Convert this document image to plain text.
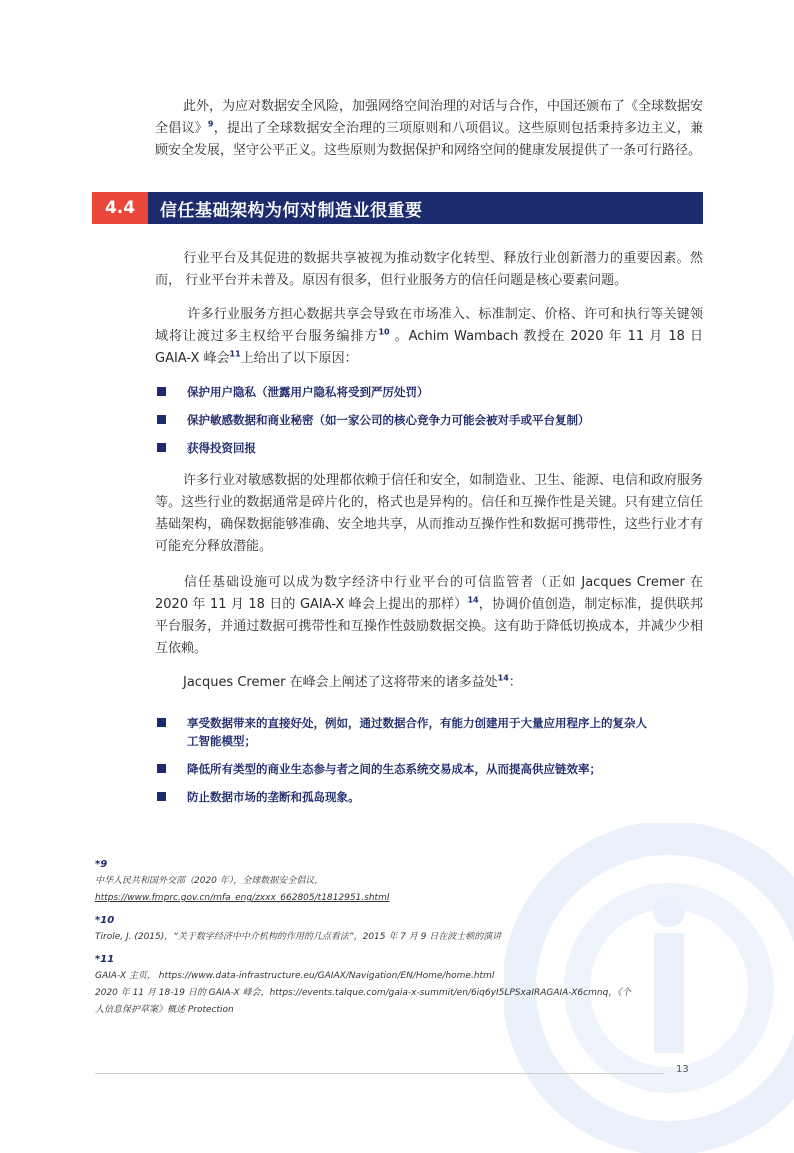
此外，为应对数据安全风险，加强网络空间治理的对话与合作，中国还颁布了《全球数据安全倡议》$^9$，提出了全球数据安全治理的三项原则和八项倡议。这些原则包括秉持多边主义，兼顾安全发展，坚守公平正义。这些原则为数据保护和网络空间的健康发展提供了一条可行路径。

4.4	信任基础架构为何对制造业很重要

行业平台及其促进的数据共享被视为推动数字化转型、释放行业创新潜力的重要因素。然而， 行业平台并未普及。原因有很多，但行业服务方的信任问题是核心要素问题。

许多行业服务方担心数据共享会导致在市场准入、标准制定、价格、许可和执行等关键领域将让渡过多主权给平台服务编排方$^{10}$ 。Achim Wambach 教授在 2020 年 11 月 18 日 GAIA-X 峰会$^{11}$上给出了以下原因：

保护用户隐私（泄露用户隐私将受到严厉处罚）
保护敏感数据和商业秘密（如一家公司的核心竞争力可能会被对手或平台复制）
获得投资回报

许多行业对敏感数据的处理都依赖于信任和安全，如制造业、卫生、能源、电信和政府服务等。这些行业的数据通常是碎片化的，格式也是异构的。信任和互操作性是关键。只有建立信任基础架构，确保数据能够准确、安全地共享，从而推动互操作性和数据可携带性，这些行业才有可能充分释放潜能。

信任基础设施可以成为数字经济中行业平台的可信监管者（正如 Jacques Cremer 在 2020 年 11 月 18 日的 GAIA-X 峰会上提出的那样）$^{14}$，协调价值创造，制定标准，提供联邦平台服务，并通过数据可携带性和互操作性鼓励数据交换。这有助于降低切换成本，并减少少相互依赖。

Jacques Cremer 在峰会上阐述了这将带来的诸多益处$^{14}$：

享受数据带来的直接好处，例如，通过数据合作，有能力创建用于大量应用程序上的复杂人工智能模型；
降低所有类型的商业生态参与者之间的生态系统交易成本，从而提高供应链效率；
防止数据市场的垄断和孤岛现象。

*9

中华人民共和国外交部（2020 年），全球数据安全倡议，

https://www.fmprc.gov.cn/mfa_eng/zxxx_662805/t1812951.shtml

*10

Tirole, J. (2015)，“关于数字经济中中介机构的作用的几点看法”，2015 年 7 月 9 日在波士顿的演讲

*11

GAIA-X 主页， https://www.data-infrastructure.eu/GAIAX/Navigation/EN/Home/home.html

2020 年 11 月 18-19 日的 GAIA-X 峰会，https://events.talque.com/gaia-x-summit/en/6iq6yI5LPSxaIRAGAIA-X6cmnq，《个

人信息保护草案》概述 Protection

13
